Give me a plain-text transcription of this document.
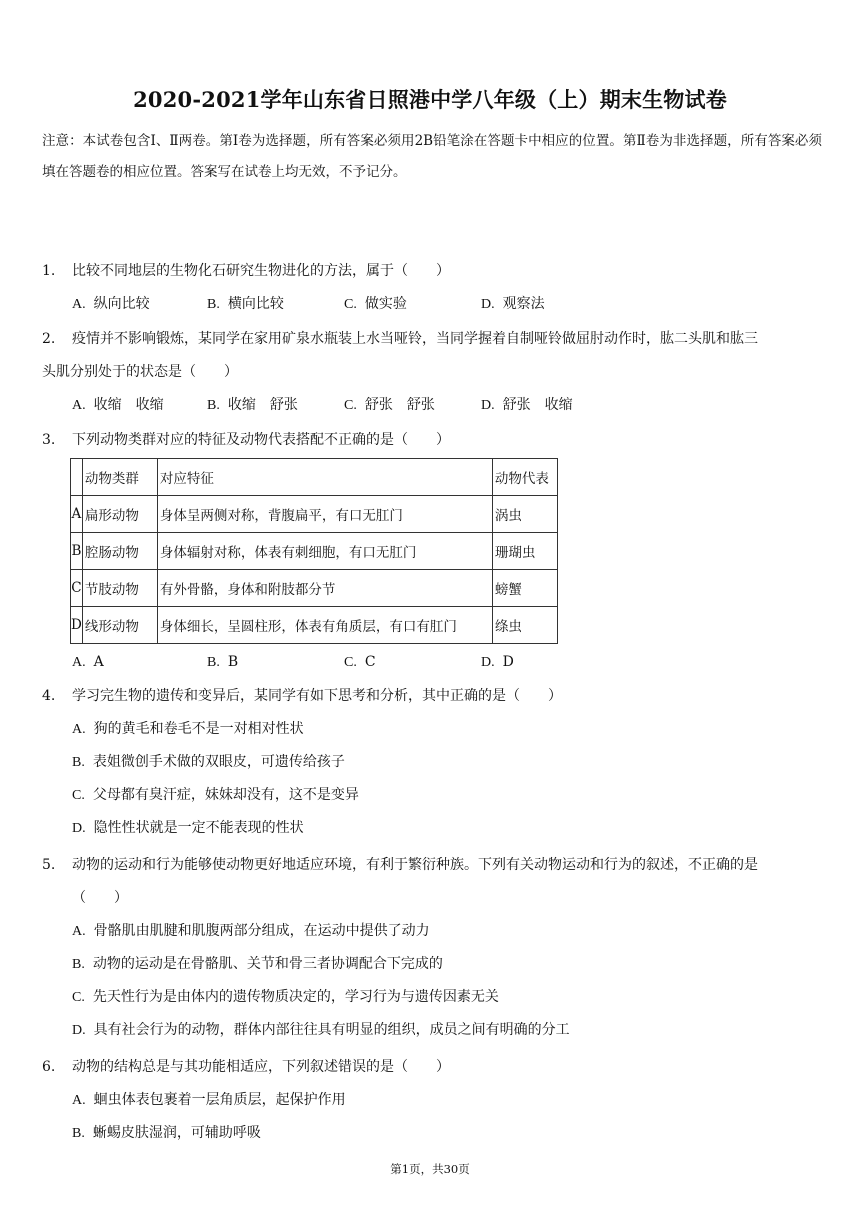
2020-2021学年山东省日照港中学八年级（上）期末生物试卷
注意：本试卷包含Ⅰ、Ⅱ两卷。第Ⅰ卷为选择题，所有答案必须用2B铅笔涂在答题卡中相应的位置。第Ⅱ卷为非选择题，所有答案必须填在答题卷的相应位置。答案写在试卷上均无效，不予记分。
1. 比较不同地层的生物化石研究生物进化的方法，属于（　　）
A. 纵向比较	B. 横向比较	C. 做实验	D. 观察法
2. 疫情并不影响锻炼，某同学在家用矿泉水瓶装上水当哑铃，当同学握着自制哑铃做屈肘动作时，肱二头肌和肱三
头肌分别处于的状态是（　　）
A. 收缩　收缩	B. 收缩　舒张	C. 舒张　舒张	D. 舒张　收缩
3. 下列动物类群对应的特征及动物代表搭配不正确的是（　　）
	动物类群	对应特征	动物代表
A	扁形动物	身体呈两侧对称，背腹扁平，有口无肛门	涡虫
B	腔肠动物	身体辐射对称，体表有刺细胞，有口无肛门	珊瑚虫
C	节肢动物	有外骨骼，身体和附肢都分节	螃蟹
D	线形动物	身体细长，呈圆柱形，体表有角质层，有口有肛门	绦虫
A. A	B. B	C. C	D. D
4. 学习完生物的遗传和变异后，某同学有如下思考和分析，其中正确的是（　　）
A. 狗的黄毛和卷毛不是一对相对性状
B. 表姐微创手术做的双眼皮，可遗传给孩子
C. 父母都有臭汗症，妹妹却没有，这不是变异
D. 隐性性状就是一定不能表现的性状
5. 动物的运动和行为能够使动物更好地适应环境，有利于繁衍种族。下列有关动物运动和行为的叙述，不正确的是
（　　）
A. 骨骼肌由肌腱和肌腹两部分组成，在运动中提供了动力
B. 动物的运动是在骨骼肌、关节和骨三者协调配合下完成的
C. 先天性行为是由体内的遗传物质决定的，学习行为与遗传因素无关
D. 具有社会行为的动物，群体内部往往具有明显的组织，成员之间有明确的分工
6. 动物的结构总是与其功能相适应，下列叙述错误的是（　　）
A. 蛔虫体表包裹着一层角质层，起保护作用
B. 蜥蜴皮肤湿润，可辅助呼吸
第1页，共30页
